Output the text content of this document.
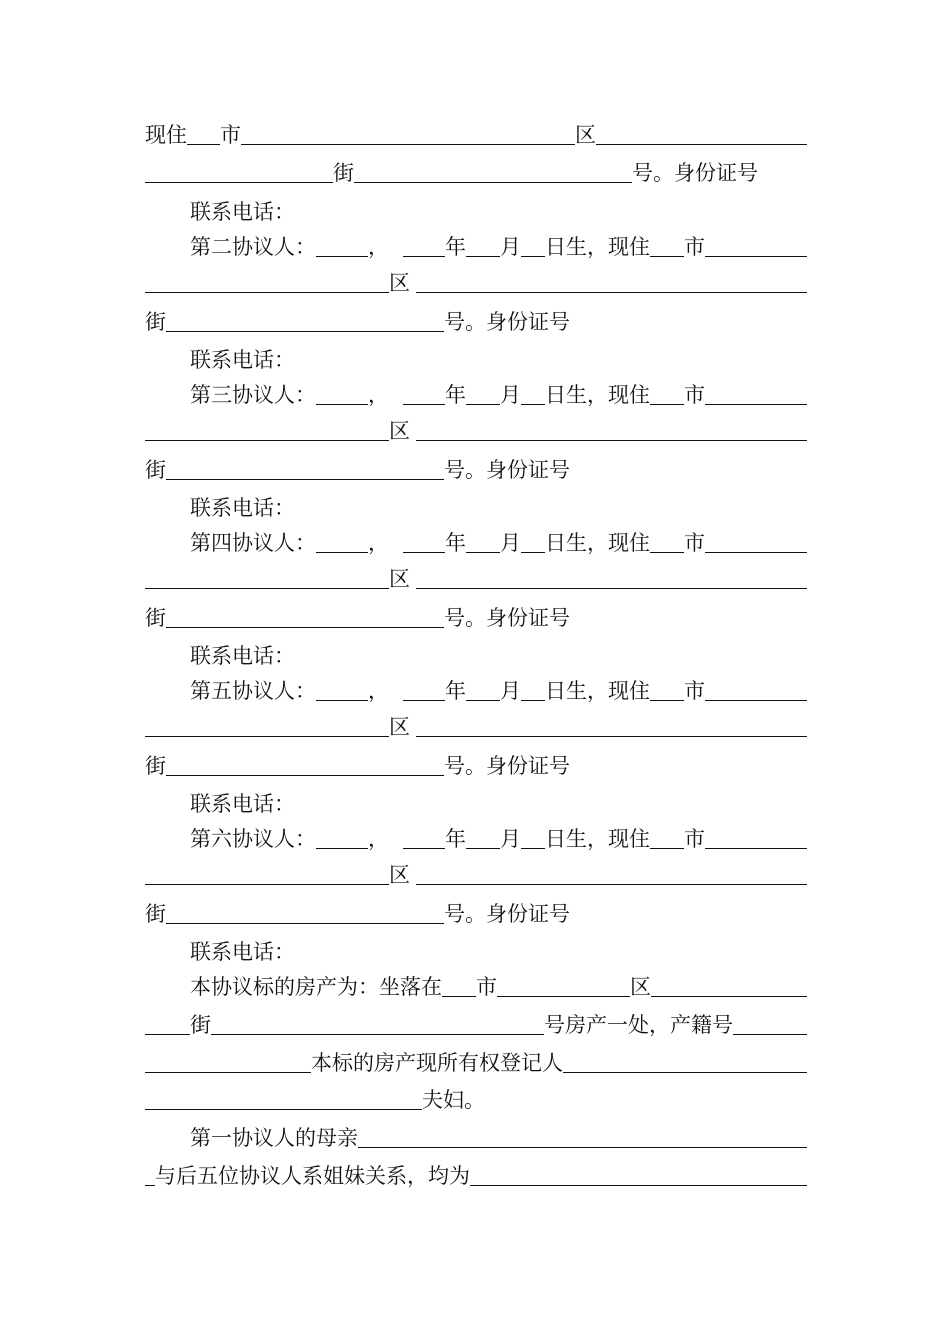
现住 市	区
街	号。身份证号
联系电话：
第二协议人 ： ，	年 月 日生，现住 市
区
街	号。身份证号
联系电话：
第三协议人 ： ，	年 月 日生，现住 市
区
街	号。身份证号
联系电话：
第四协议人 ： ，	年 月 日生，现住 市
区
街	号。身份证号
联系电话：
第五协议人 ： ，	年 月 日生，现住 市
区
街	号。身份证号
联系电话：
第六协议人 ： ，	年 月 日生，现住 市
区
街	号。身份证号
联系电话：
本协议标的房产为：坐落在 市	区
街	号房产一处，产籍号
本标的房产现所有权登记人
夫妇。
第一协议人的母亲
与后五位协议人系姐妹关系，均为
